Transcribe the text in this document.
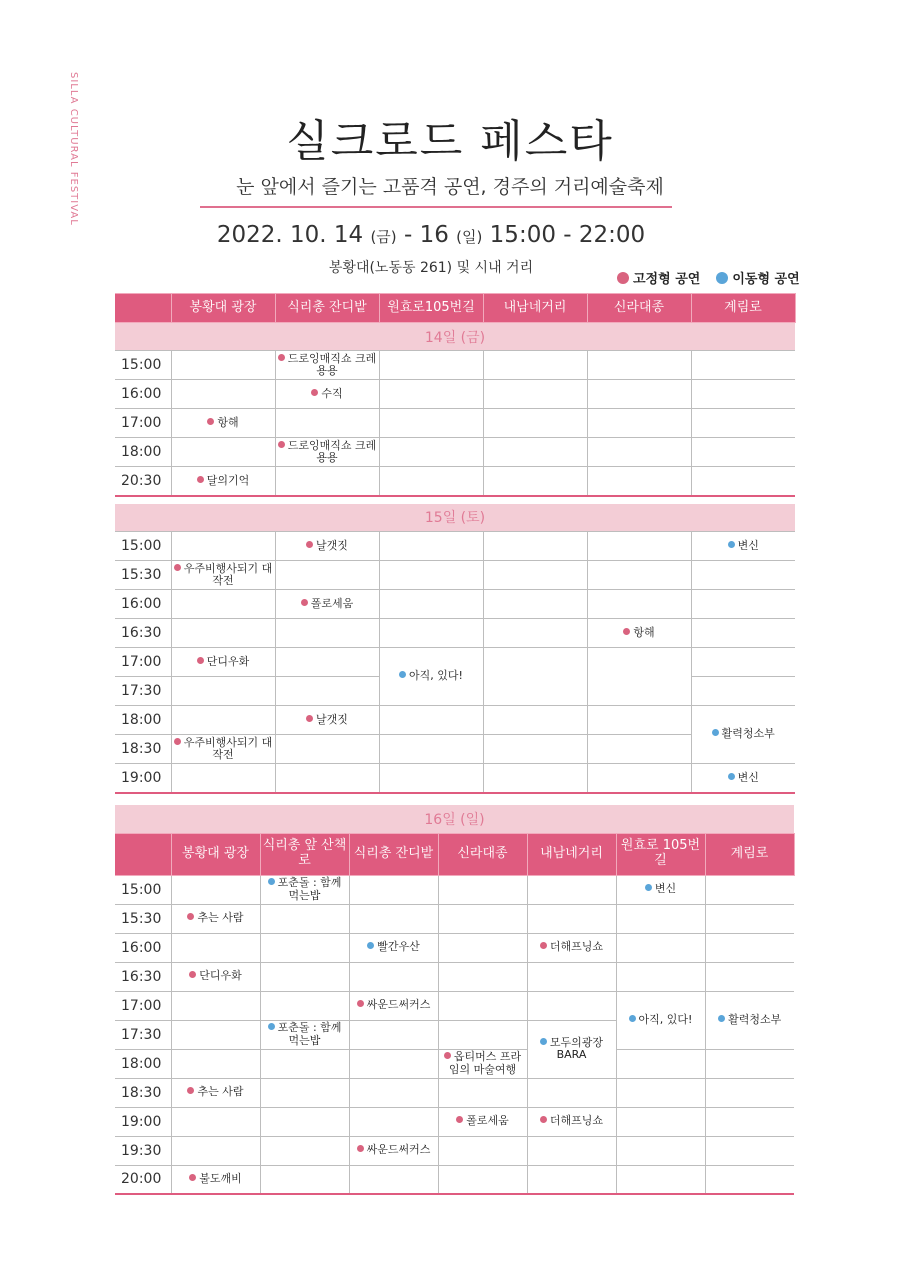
SILLA CULTURAL FESTIVAL	실크로드 페스타
눈 앞에서 즐기는 고품격 공연, 경주의 거리예술축제
2022. 10. 14 (금) - 16 (일) 15:00 - 22:00
봉황대(노동동 261) 및 시내 거리
고정형 공연 이동형 공연
	봉황대 광장	식리총 잔디밭	원효로105번길	내남네거리	신라대종	계림로
14일 (금)						
15:00		드로잉매직쇼 크레용용				
16:00		수직				
17:00	항해					
18:00		드로잉매직쇼 크레용용				
20:30	달의기억					

15일 (토)						
15:00		날갯짓				변신
15:30	우주비행사되기 대작전					
16:00		폴로세움				
16:30					항해	
17:00	단디우화		아직, 있다!			
17:30						
18:00		날갯짓				활력청소부
18:30	우주비행사되기 대작전					
19:00						변신
16일 (일)							
	봉황대 광장	식리총 앞 산책로	식리총 잔디밭	신라대종	내남네거리	원효로 105번길	계림로
15:00		포춘돌 : 함께먹는밥				변신	
15:30	추는 사람						
16:00			빨간우산		더해프닝쇼		
16:30	단디우화						
17:00			싸운드써커스			아직, 있다!	활력청소부
17:30		포춘돌 : 함께먹는밥			모두의광장 BARA		
18:00				옵티머스 프라임의 마술여행			
18:30	추는 사람						
19:00				폴로세움	더해프닝쇼		
19:30			싸운드써커스				
20:00	불도깨비						
